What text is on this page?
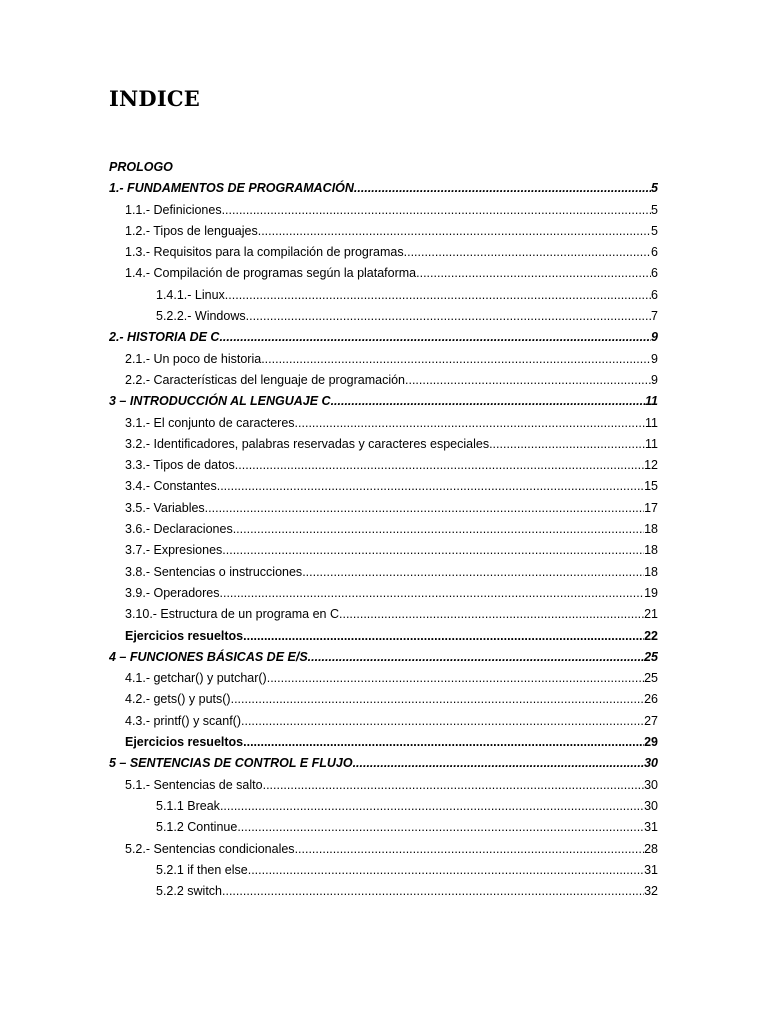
INDICE
PROLOGO
1.- FUNDAMENTOS DE PROGRAMACIÓN .....	5
1.1.- Definiciones .....	5
1.2.- Tipos de lenguajes .....	5
1.3.- Requisitos para la compilación de programas .....	6
1.4.- Compilación de programas según la plataforma .....	6
1.4.1.- Linux .....	6
5.2.2.- Windows .....	7
2.- HISTORIA DE C .....	9
2.1.- Un poco de historia .....	9
2.2.- Características del lenguaje de programación .....	9
3 – INTRODUCCIÓN AL LENGUAJE C .....	11
3.1.- El conjunto de caracteres .....	11
3.2.- Identificadores, palabras reservadas y caracteres especiales .....	11
3.3.- Tipos de datos .....	12
3.4.- Constantes .....	15
3.5.- Variables .....	17
3.6.- Declaraciones .....	18
3.7.- Expresiones .....	18
3.8.- Sentencias o instrucciones .....	18
3.9.- Operadores .....	19
3.10.- Estructura de un programa en C .....	21
Ejercicios resueltos .....	22
4 – FUNCIONES BÁSICAS DE E/S .....	25
4.1.- getchar() y putchar() .....	25
4.2.- gets() y puts() .....	26
4.3.- printf() y scanf() .....	27
Ejercicios resueltos .....	29
5 – SENTENCIAS DE CONTROL E FLUJO .....	30
5.1.- Sentencias de salto .....	30
5.1.1 Break .....	30
5.1.2 Continue .....	31
5.2.- Sentencias condicionales .....	28
5.2.1 if then else .....	31
5.2.2 switch .....	32
